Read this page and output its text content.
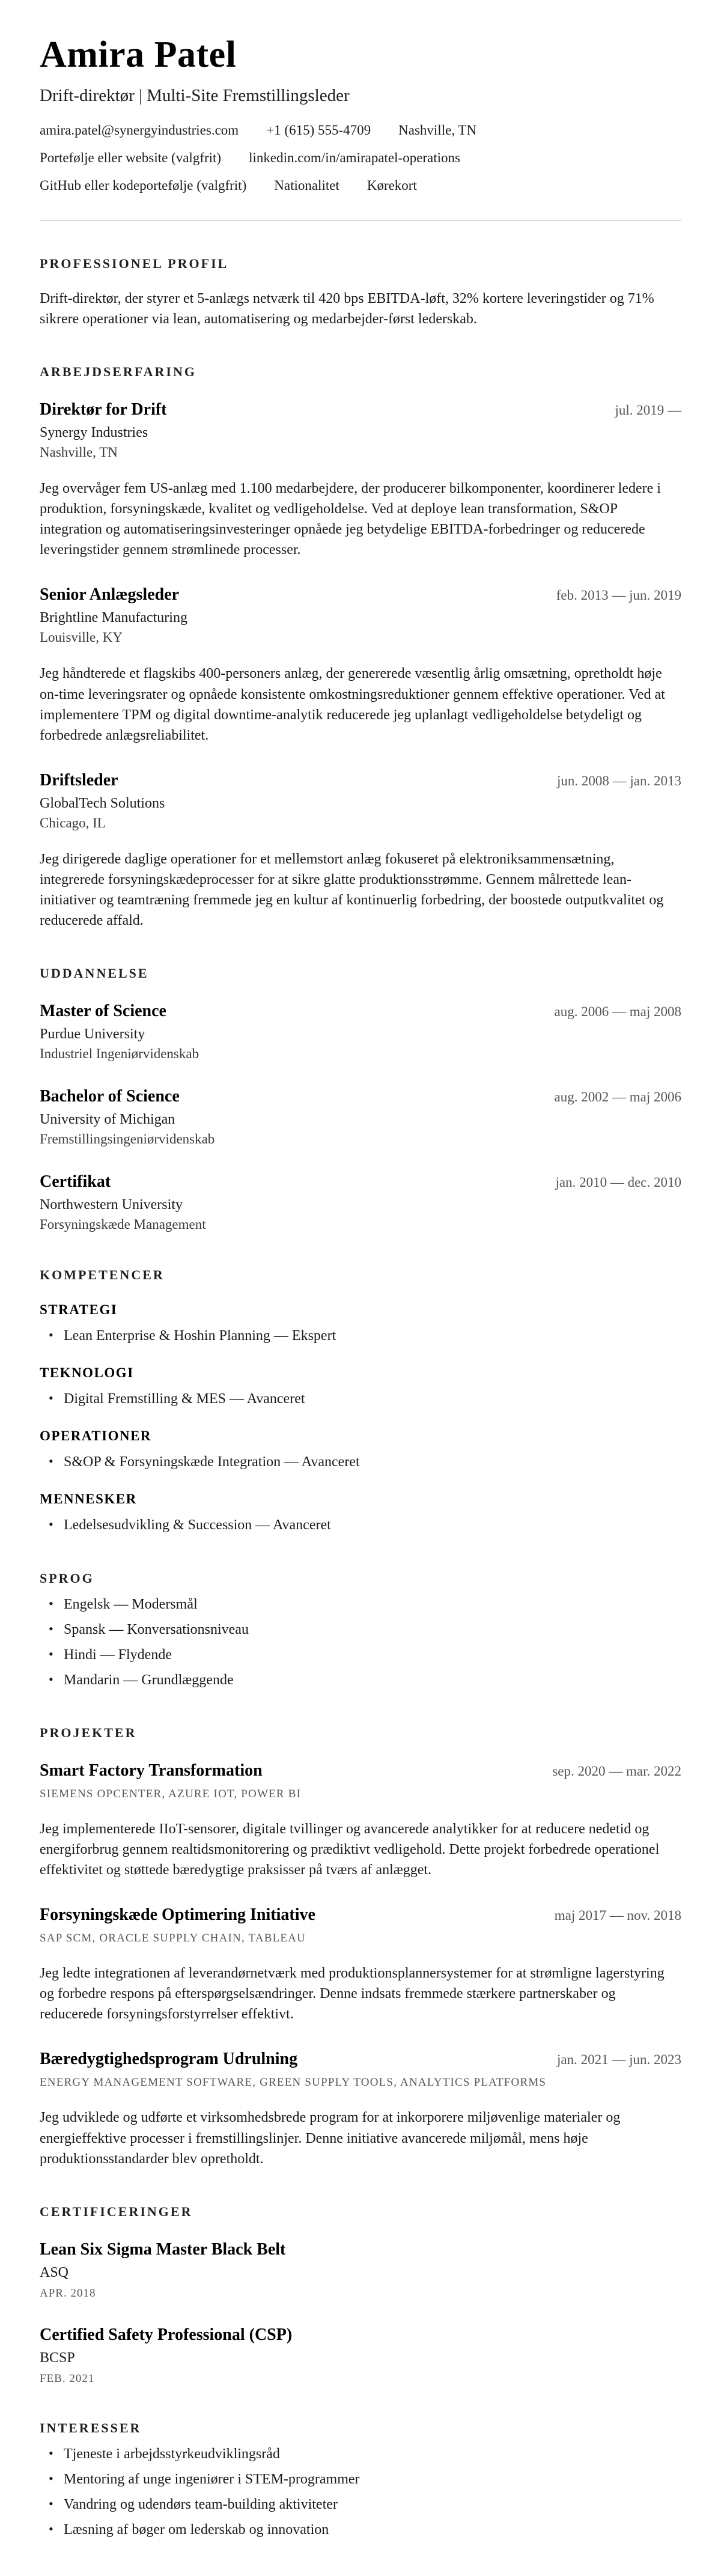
Amira Patel
Drift-direktør | Multi-Site Fremstillingsleder
amira.patel@synergyindustries.com +1 (615) 555-4709 Nashville, TN
Portefølje eller website (valgfrit) linkedin.com/in/amirapatel-operations
GitHub eller kodeportefølje (valgfrit) Nationalitet Kørekort
PROFESSIONEL PROFIL

Drift-direktør, der styrer et 5-anlægs netværk til 420 bps EBITDA-løft, 32% kortere leveringstider og 71% sikrere operationer via lean, automatisering og medarbejder-først lederskab.

ARBEJDSERFARING
Direktør for Drift	jul. 2019 —
Synergy Industries
Nashville, TN

Jeg overvåger fem US-anlæg med 1.100 medarbejdere, der producerer bilkomponenter, koordinerer ledere i produktion, forsyningskæde, kvalitet og vedligeholdelse. Ved at deploye lean transformation, S&OP integration og automatiseringsinvesteringer opnåede jeg betydelige EBITDA-forbedringer og reducerede leveringstider gennem strømlinede processer.

Senior Anlægsleder	feb. 2013 — jun. 2019
Brightline Manufacturing
Louisville, KY

Jeg håndterede et flagskibs 400-personers anlæg, der genererede væsentlig årlig omsætning, opretholdt høje on-time leveringsrater og opnåede konsistente omkostningsreduktioner gennem effektive operationer. Ved at implementere TPM og digital downtime-analytik reducerede jeg uplanlagt vedligeholdelse betydeligt og forbedrede anlægsreliabilitet.

Driftsleder	jun. 2008 — jan. 2013
GlobalTech Solutions
Chicago, IL

Jeg dirigerede daglige operationer for et mellemstort anlæg fokuseret på elektroniksammensætning, integrerede forsyningskædeprocesser for at sikre glatte produktionsstrømme. Gennem målrettede lean-initiativer og teamtræning fremmede jeg en kultur af kontinuerlig forbedring, der boostede outputkvalitet og reducerede affald.

UDDANNELSE
Master of Science	aug. 2006 — maj 2008
Purdue University
Industriel Ingeniørvidenskab
Bachelor of Science	aug. 2002 — maj 2006
University of Michigan
Fremstillingsingeniørvidenskab
Certifikat	jan. 2010 — dec. 2010
Northwestern University
Forsyningskæde Management
KOMPETENCER
STRATEGI
• Lean Enterprise & Hoshin Planning — Ekspert
TEKNOLOGI
• Digital Fremstilling & MES — Avanceret
OPERATIONER
• S&OP & Forsyningskæde Integration — Avanceret
MENNESKER
• Ledelsesudvikling & Succession — Avanceret
SPROG
• Engelsk — Modersmål
• Spansk — Konversationsniveau
• Hindi — Flydende
• Mandarin — Grundlæggende
PROJEKTER
Smart Factory Transformation	sep. 2020 — mar. 2022
SIEMENS OPCENTER, AZURE IOT, POWER BI

Jeg implementerede IIoT-sensorer, digitale tvillinger og avancerede analytikker for at reducere nedetid og energiforbrug gennem realtidsmonitorering og prædiktivt vedligehold. Dette projekt forbedrede operationel effektivitet og støttede bæredygtige praksisser på tværs af anlægget.

Forsyningskæde Optimering Initiative	maj 2017 — nov. 2018
SAP SCM, ORACLE SUPPLY CHAIN, TABLEAU

Jeg ledte integrationen af leverandørnetværk med produktionsplannersystemer for at strømligne lagerstyring og forbedre respons på efterspørgselsændringer. Denne indsats fremmede stærkere partnerskaber og reducerede forsyningsforstyrrelser effektivt.

Bæredygtighedsprogram Udrulning	jan. 2021 — jun. 2023
ENERGY MANAGEMENT SOFTWARE, GREEN SUPPLY TOOLS, ANALYTICS PLATFORMS

Jeg udviklede og udførte et virksomhedsbrede program for at inkorporere miljøvenlige materialer og energieffektive processer i fremstillingslinjer. Denne initiative avancerede miljømål, mens høje produktionsstandarder blev opretholdt.

CERTIFICERINGER
Lean Six Sigma Master Black Belt
ASQ
APR. 2018
Certified Safety Professional (CSP)
BCSP
FEB. 2021
INTERESSER
• Tjeneste i arbejdsstyrkeudviklingsråd
• Mentoring af unge ingeniører i STEM-programmer
• Vandring og udendørs team-building aktiviteter
• Læsning af bøger om lederskab og innovation
